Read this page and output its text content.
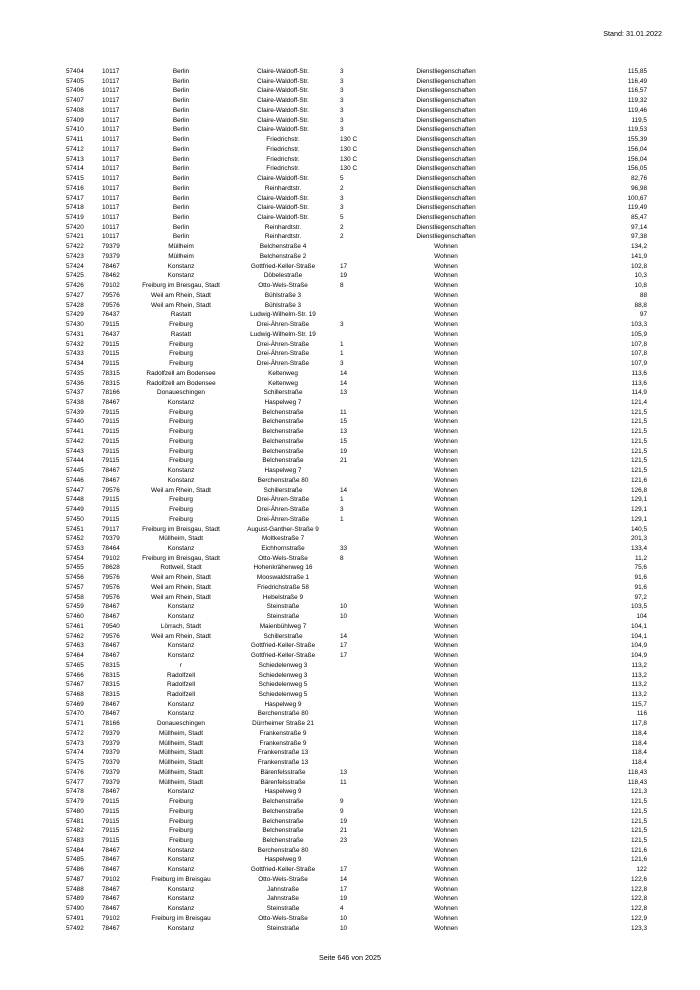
Stand: 31.01.2022
57404	10117	Berlin	Claire-Waldoff-Str.	3	Dienstliegenschaften	115,85
57405	10117	Berlin	Claire-Waldoff-Str.	3	Dienstliegenschaften	116,49
57406	10117	Berlin	Claire-Waldoff-Str.	3	Dienstliegenschaften	116,57
57407	10117	Berlin	Claire-Waldoff-Str.	3	Dienstliegenschaften	119,32
57408	10117	Berlin	Claire-Waldoff-Str.	3	Dienstliegenschaften	119,46
57409	10117	Berlin	Claire-Waldoff-Str.	3	Dienstliegenschaften	119,5
57410	10117	Berlin	Claire-Waldoff-Str.	3	Dienstliegenschaften	119,53
57411	10117	Berlin	Friedrichstr.	130 C	Dienstliegenschaften	155,39
57412	10117	Berlin	Friedrichstr.	130 C	Dienstliegenschaften	156,04
57413	10117	Berlin	Friedrichstr.	130 C	Dienstliegenschaften	156,04
57414	10117	Berlin	Friedrichstr.	130 C	Dienstliegenschaften	156,05
57415	10117	Berlin	Claire-Waldoff-Str.	5	Dienstliegenschaften	82,76
57416	10117	Berlin	Reinhardtstr.	2	Dienstliegenschaften	96,98
57417	10117	Berlin	Claire-Waldoff-Str.	3	Dienstliegenschaften	100,67
57418	10117	Berlin	Claire-Waldoff-Str.	3	Dienstliegenschaften	119,49
57419	10117	Berlin	Claire-Waldoff-Str.	5	Dienstliegenschaften	85,47
57420	10117	Berlin	Reinhardtstr.	2	Dienstliegenschaften	97,14
57421	10117	Berlin	Reinhardtstr.	2	Dienstliegenschaften	97,38
57422	79379	Müllheim	Belchenstraße 4		Wohnen	134,2
57423	79379	Müllheim	Belchenstraße 2		Wohnen	141,9
57424	78467	Konstanz	Gottfried-Keller-Straße	17	Wohnen	102,8
57425	78462	Konstanz	Döbelestraße	19	Wohnen	10,3
57426	79102	Freiburg im Breisgau, Stadt	Otto-Wels-Straße	8	Wohnen	10,8
57427	79576	Weil am Rhein, Stadt	Bühlstraße 3		Wohnen	88
57428	79576	Weil am Rhein, Stadt	Bühlstraße 3		Wohnen	88,8
57429	76437	Rastatt	Ludwig-Wilhelm-Str. 19		Wohnen	97
57430	79115	Freiburg	Drei-Ähren-Straße	3	Wohnen	103,3
57431	76437	Rastatt	Ludwig-Wilhelm-Str. 19		Wohnen	105,9
57432	79115	Freiburg	Drei-Ähren-Straße	1	Wohnen	107,8
57433	79115	Freiburg	Drei-Ähren-Straße	1	Wohnen	107,8
57434	79115	Freiburg	Drei-Ähren-Straße	3	Wohnen	107,9
57435	78315	Radolfzell am Bodensee	Keltenweg	14	Wohnen	113,6
57436	78315	Radolfzell am Bodensee	Keltenweg	14	Wohnen	113,6
57437	78166	Donaueschingen	Schillerstraße	13	Wohnen	114,9
57438	78467	Konstanz	Haspelweg 7		Wohnen	121,4
57439	79115	Freiburg	Belchenstraße	11	Wohnen	121,5
57440	79115	Freiburg	Belchenstraße	15	Wohnen	121,5
57441	79115	Freiburg	Belchenstraße	13	Wohnen	121,5
57442	79115	Freiburg	Belchenstraße	15	Wohnen	121,5
57443	79115	Freiburg	Belchenstraße	19	Wohnen	121,5
57444	79115	Freiburg	Belchenstraße	21	Wohnen	121,5
57445	78467	Konstanz	Haspelweg 7		Wohnen	121,5
57446	78467	Konstanz	Berchenstraße 80		Wohnen	121,6
57447	79576	Weil am Rhein, Stadt	Schillerstraße	14	Wohnen	126,8
57448	79115	Freiburg	Drei-Ähren-Straße	1	Wohnen	129,1
57449	79115	Freiburg	Drei-Ähren-Straße	3	Wohnen	129,1
57450	79115	Freiburg	Drei-Ähren-Straße	1	Wohnen	129,1
57451	79117	Freiburg im Breisgau, Stadt	August-Ganther-Straße 9		Wohnen	140,5
57452	79379	Müllheim, Stadt	Moltkestraße 7		Wohnen	201,3
57453	78464	Konstanz	Eichhornstraße	33	Wohnen	133,4
57454	79102	Freiburg im Breisgau, Stadt	Otto-Wels-Straße	8	Wohnen	11,2
57455	78628	Rottweil, Stadt	Hohenkrähenweg 16		Wohnen	75,6
57456	79576	Weil am Rhein, Stadt	Mooswaldstraße 1		Wohnen	91,6
57457	79576	Weil am Rhein, Stadt	Friedrichstraße 58		Wohnen	91,6
57458	79576	Weil am Rhein, Stadt	Hebelstraße 9		Wohnen	97,2
57459	78467	Konstanz	Steinstraße	10	Wohnen	103,5
57460	78467	Konstanz	Steinstraße	10	Wohnen	104
57461	79540	Lörrach, Stadt	Maienbühlweg 7		Wohnen	104,1
57462	79576	Weil am Rhein, Stadt	Schillerstraße	14	Wohnen	104,1
57463	78467	Konstanz	Gottfried-Keller-Straße	17	Wohnen	104,9
57464	78467	Konstanz	Gottfried-Keller-Straße	17	Wohnen	104,9
57465	78315	r	Schiedelenweg 3		Wohnen	113,2
57466	78315	Radolfzell	Schiedelenweg 3		Wohnen	113,2
57467	78315	Radolfzell	Schiedelenweg 5		Wohnen	113,2
57468	78315	Radolfzell	Schiedelenweg 5		Wohnen	113,2
57469	78467	Konstanz	Haspelweg 9		Wohnen	115,7
57470	78467	Konstanz	Berchenstraße 80		Wohnen	116
57471	78166	Donaueschingen	Dürrheimer Straße 21		Wohnen	117,8
57472	79379	Müllheim, Stadt	Frankenstraße 9		Wohnen	118,4
57473	79379	Müllheim, Stadt	Frankenstraße 9		Wohnen	118,4
57474	79379	Müllheim, Stadt	Frankenstraße 13		Wohnen	118,4
57475	79379	Müllheim, Stadt	Frankenstraße 13		Wohnen	118,4
57476	79379	Müllheim, Stadt	Bärenfelsstraße	13	Wohnen	118,43
57477	79379	Müllheim, Stadt	Bärenfelsstraße	11	Wohnen	118,43
57478	78467	Konstanz	Haspelweg 9		Wohnen	121,3
57479	79115	Freiburg	Belchenstraße	9	Wohnen	121,5
57480	79115	Freiburg	Belchenstraße	9	Wohnen	121,5
57481	79115	Freiburg	Belchenstraße	19	Wohnen	121,5
57482	79115	Freiburg	Belchenstraße	21	Wohnen	121,5
57483	79115	Freiburg	Belchenstraße	23	Wohnen	121,5
57484	78467	Konstanz	Berchenstraße 80		Wohnen	121,6
57485	78467	Konstanz	Haspelweg 9		Wohnen	121,6
57486	78467	Konstanz	Gottfried-Keller-Straße	17	Wohnen	122
57487	79102	Freiburg im Breisgau	Otto-Wels-Straße	14	Wohnen	122,6
57488	78467	Konstanz	Jahnstraße	17	Wohnen	122,8
57489	78467	Konstanz	Jahnstraße	19	Wohnen	122,8
57490	78467	Konstanz	Steinstraße	4	Wohnen	122,8
57491	79102	Freiburg im Breisgau	Otto-Wels-Straße	10	Wohnen	122,9
57492	78467	Konstanz	Steinstraße	10	Wohnen	123,3
Seite 646 von 2025
